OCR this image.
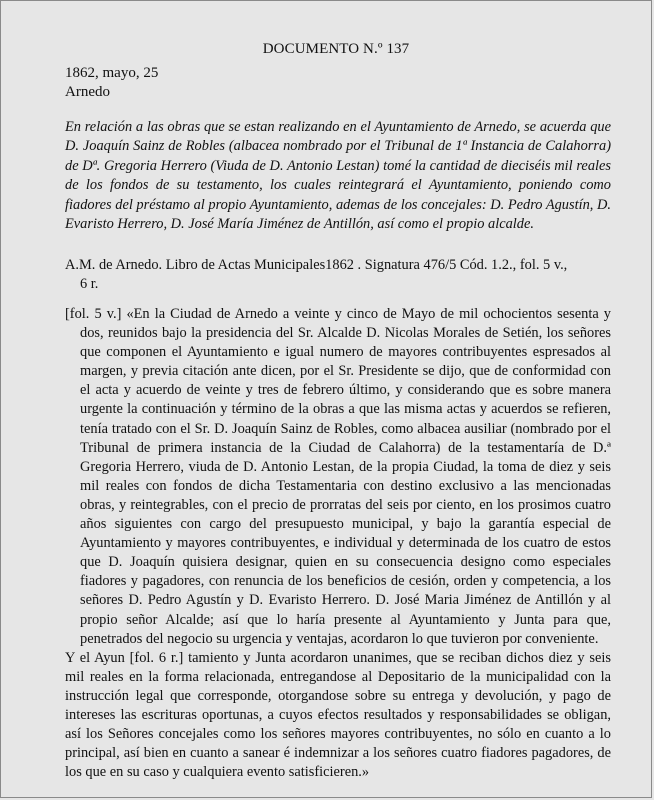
DOCUMENTO N.º 137
1862, mayo, 25
Arnedo
En relación a las obras que se estan realizando en el Ayuntamiento de Arnedo, se acuerda que D. Joaquín Sainz de Robles (albacea nombrado por el Tribunal de 1ª Instancia de Calahorra) de Dª. Gregoria Herrero (Viuda de D. Antonio Lestan) tomé la cantidad de dieciséis mil reales de los fondos de su testamento, los cuales reintegrará el Ayuntamiento, poniendo como fiadores del préstamo al propio Ayuntamiento, ademas de los concejales: D. Pedro Agustín, D. Evaristo Herrero, D. José María Jiménez de Antillón, así como el propio alcalde.
A.M. de Arnedo. Libro de Actas Municipales1862 . Signatura 476/5 Cód. 1.2., fol. 5 v.,
6 r.

[fol. 5 v.] «En la Ciudad de Arnedo a veinte y cinco de Mayo de mil ochocientos sesenta y dos, reunidos bajo la presidencia del Sr. Alcalde D. Nicolas Morales de Setién, los señores que componen el Ayuntamiento e igual numero de mayores contribuyentes espresados al margen, y previa citación ante dicen, por el Sr. Presidente se dijo, que de conformidad con el acta y acuerdo de veinte y tres de febrero último, y considerando que es sobre manera urgente la continuación y término de la obras a que las misma actas y acuerdos se refieren, tenía tratado con el Sr. D. Joaquín Sainz de Robles, como albacea ausiliar (nombrado por el Tribunal de primera instancia de la Ciudad de Calahorra) de la testamentaría de D.ª Gregoria Herrero, viuda de D. Antonio Lestan, de la propia Ciudad, la toma de diez y seis mil reales con fondos de dicha Testamentaria con destino exclusivo a las mencionadas obras, y reintegrables, con el precio de prorratas del seis por ciento, en los prosimos cuatro años siguientes con cargo del presupuesto municipal, y bajo la garantía especial de Ayuntamiento y mayores contribuyentes, e individual y determinada de los cuatro de estos que D. Joaquín quisiera designar, quien en su consecuencia designo como especiales fiadores y pagadores, con renuncia de los beneficios de cesión, orden y competencia, a los señores D. Pedro Agustín y D. Evaristo Herrero. D. José Maria Jiménez de Antillón y al propio señor Alcalde; así que lo haría presente al Ayuntamiento y Junta para que, penetrados del negocio su urgencia y ventajas, acordaron lo que tuvieron por conveniente.

Y el Ayun [fol. 6 r.] tamiento y Junta acordaron unanimes, que se reciban dichos diez y seis mil reales en la forma relacionada, entregandose al Depositario de la municipalidad con la instrucción legal que corresponde, otorgandose sobre su entrega y devolución, y pago de intereses las escrituras oportunas, a cuyos efectos resultados y responsabilidades se obligan, así los Señores concejales como los señores mayores contribuyentes, no sólo en cuanto a lo principal, así bien en cuanto a sanear é indemnizar a los señores cuatro fiadores pagadores, de los que en su caso y cualquiera evento satisficieren.»
